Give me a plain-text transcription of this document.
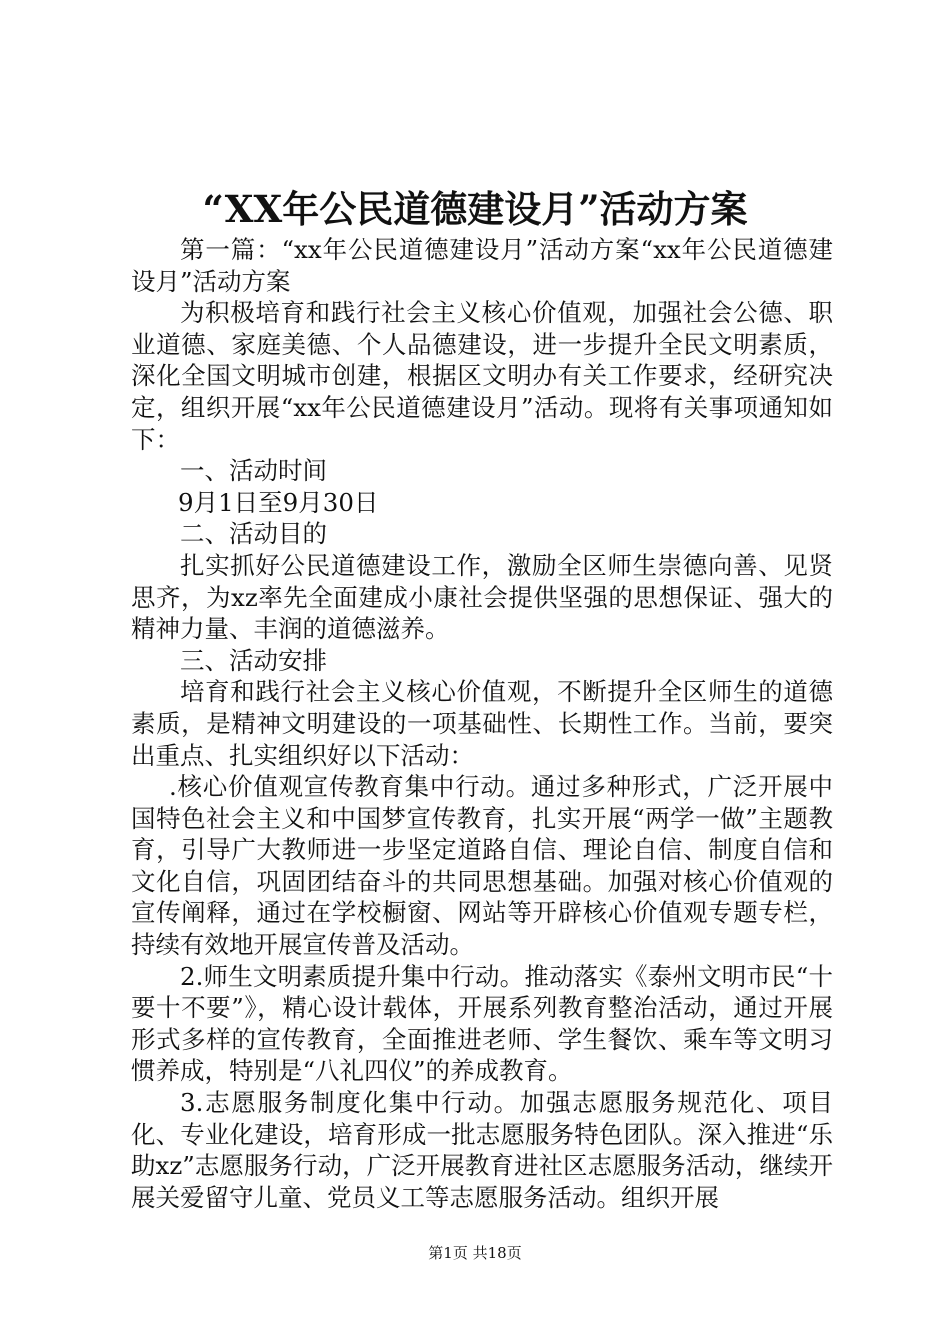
“XX年公民道德建设月”活动方案

第一篇：“xx年公民道德建设月”活动方案“xx年公民道德建设月”活动方案

为积极培育和践行社会主义核心价值观，加强社会公德、职业道德、家庭美德、个人品德建设，进一步提升全民文明素质，深化全国文明城市创建，根据区文明办有关工作要求，经研究决定，组织开展“xx年公民道德建设月”活动。现将有关事项通知如下：

一、活动时间

9月1日至9月30日

二、活动目的

扎实抓好公民道德建设工作，激励全区师生崇德向善、见贤思齐，为xz率先全面建成小康社会提供坚强的思想保证、强大的精神力量、丰润的道德滋养。

三、活动安排

培育和践行社会主义核心价值观，不断提升全区师生的道德素质，是精神文明建设的一项基础性、长期性工作。当前，要突出重点、扎实组织好以下活动：

.核心价值观宣传教育集中行动。通过多种形式，广泛开展中国特色社会主义和中国梦宣传教育，扎实开展“两学一做”主题教育，引导广大教师进一步坚定道路自信、理论自信、制度自信和文化自信，巩固团结奋斗的共同思想基础。加强对核心价值观的宣传阐释，通过在学校橱窗、网站等开辟核心价值观专题专栏，持续有效地开展宣传普及活动。

2.师生文明素质提升集中行动。推动落实《泰州文明市民“十要十不要”》，精心设计载体，开展系列教育整治活动，通过开展形式多样的宣传教育，全面推进老师、学生餐饮、乘车等文明习惯养成，特别是“八礼四仪”的养成教育。

3.志愿服务制度化集中行动。加强志愿服务规范化、项目化、专业化建设，培育形成一批志愿服务特色团队。深入推进“乐助xz”志愿服务行动，广泛开展教育进社区志愿服务活动，继续开展关爱留守儿童、党员义工等志愿服务活动。组织开展

第1页 共18页
